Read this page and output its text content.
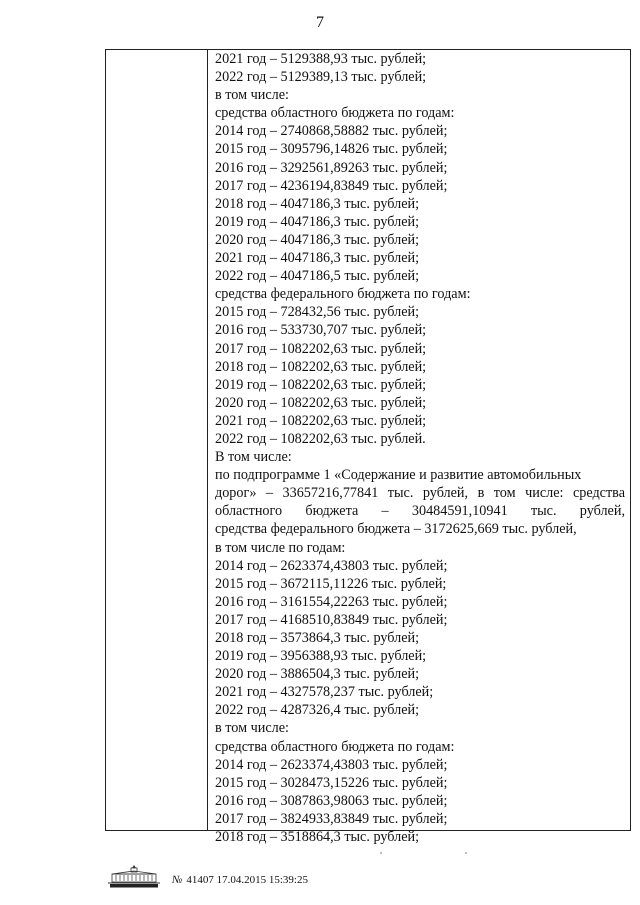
7
2021 год – 5129388,93 тыс. рублей;
2022 год – 5129389,13 тыс. рублей;
в том числе:
средства областного бюджета по годам:
2014 год – 2740868,58882 тыс. рублей;
2015 год – 3095796,14826 тыс. рублей;
2016 год – 3292561,89263 тыс. рублей;
2017 год – 4236194,83849 тыс. рублей;
2018 год – 4047186,3 тыс. рублей;
2019 год – 4047186,3 тыс. рублей;
2020 год – 4047186,3 тыс. рублей;
2021 год – 4047186,3 тыс. рублей;
2022 год – 4047186,5 тыс. рублей;
средства федерального бюджета по годам:
2015 год – 728432,56 тыс. рублей;
2016 год – 533730,707 тыс. рублей;
2017 год – 1082202,63 тыс. рублей;
2018 год – 1082202,63 тыс. рублей;
2019 год – 1082202,63 тыс. рублей;
2020 год – 1082202,63 тыс. рублей;
2021 год – 1082202,63 тыс. рублей;
2022 год – 1082202,63 тыс. рублей.
В том числе:
по подпрограмме 1 «Содержание и развитие автомобильных
дорог» – 33657216,77841 тыс. рублей, в том числе: средства
областного бюджета – 30484591,10941 тыс. рублей,
средства федерального бюджета – 3172625,669 тыс. рублей,
в том числе по годам:
2014 год – 2623374,43803 тыс. рублей;
2015 год – 3672115,11226 тыс. рублей;
2016 год – 3161554,22263 тыс. рублей;
2017 год – 4168510,83849 тыс. рублей;
2018 год – 3573864,3 тыс. рублей;
2019 год – 3956388,93 тыс. рублей;
2020 год – 3886504,3 тыс. рублей;
2021 год – 4327578,237 тыс. рублей;
2022 год – 4287326,4 тыс. рублей;
в том числе:
средства областного бюджета по годам:
2014 год – 2623374,43803 тыс. рублей;
2015 год – 3028473,15226 тыс. рублей;
2016 год – 3087863,98063 тыс. рублей;
2017 год – 3824933,83849 тыс. рублей;
2018 год – 3518864,3 тыс. рублей;
№ 41407 17.04.2015 15:39:25
